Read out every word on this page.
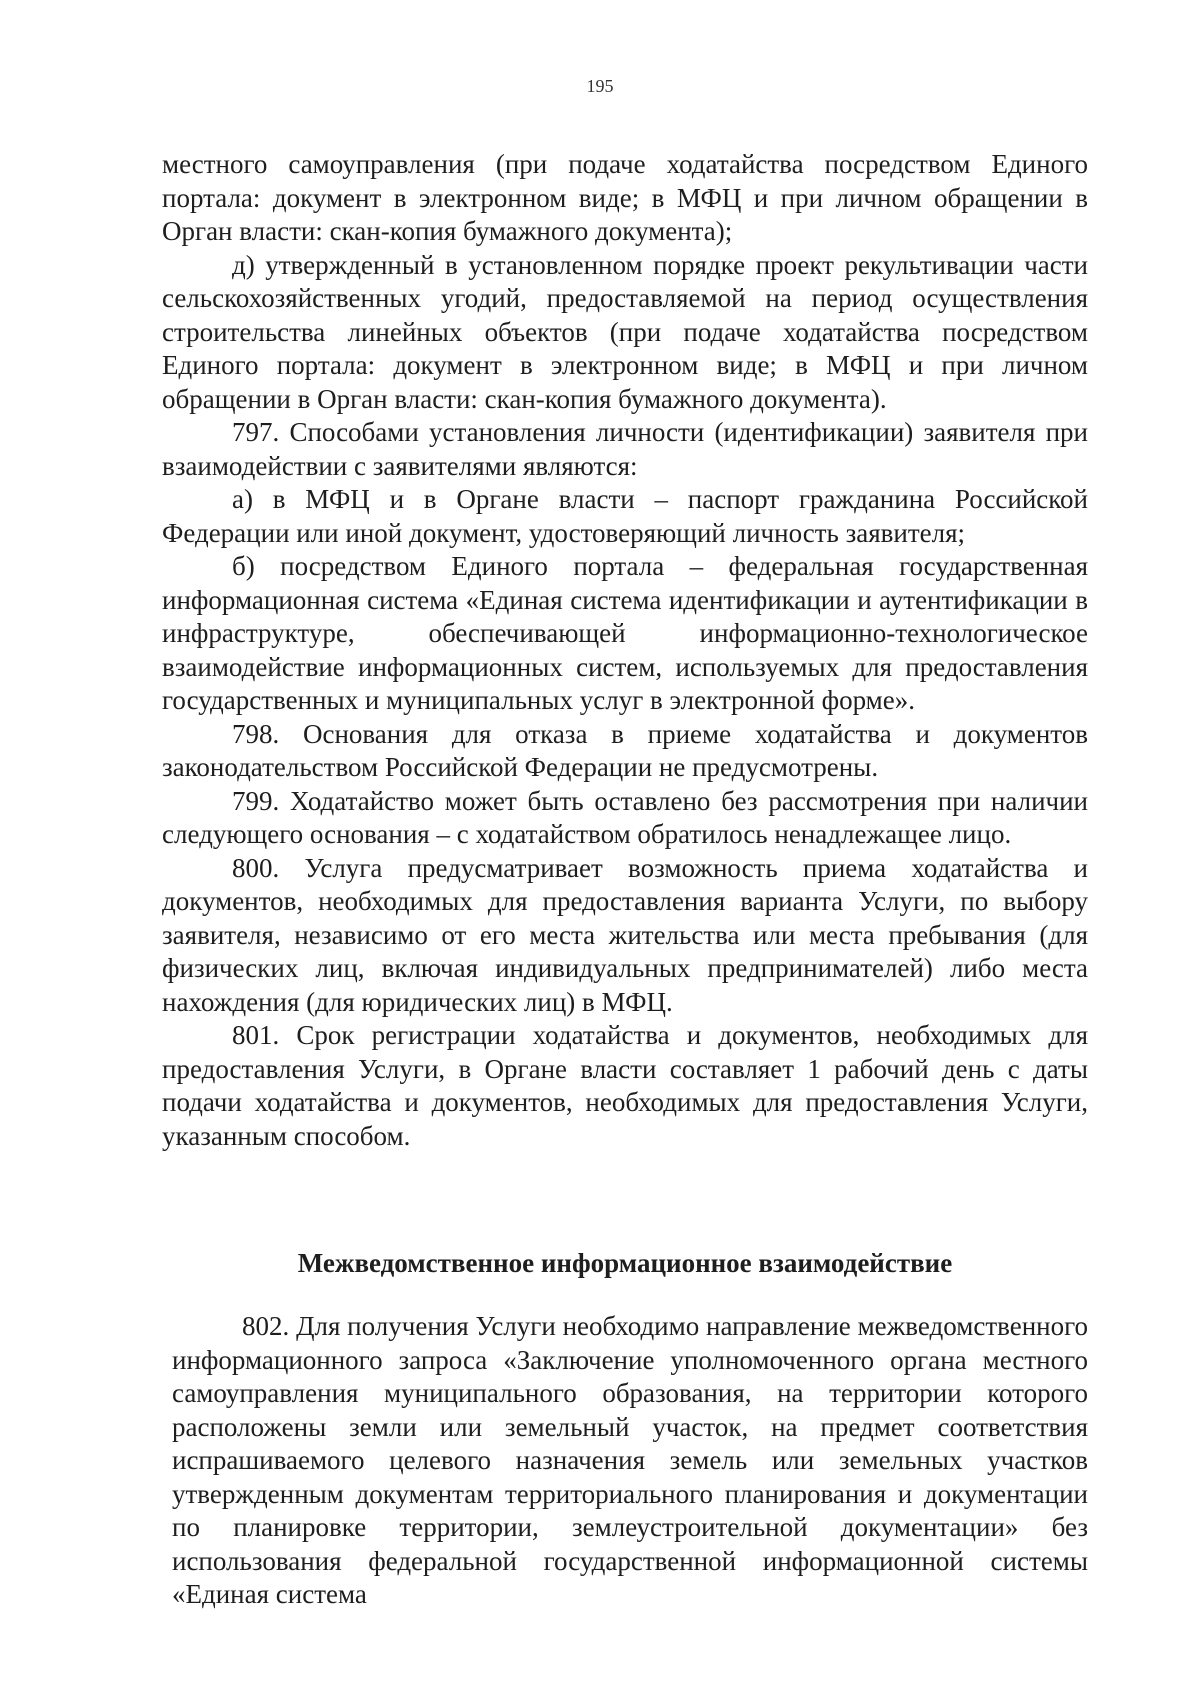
195

местного самоуправления (при подаче ходатайства посредством Единого портала: документ в электронном виде; в МФЦ и при личном обращении в Орган власти: скан-копия бумажного документа);

д) утвержденный в установленном порядке проект рекультивации части сельскохозяйственных угодий, предоставляемой на период осуществления строительства линейных объектов (при подаче ходатайства посредством Единого портала: документ в электронном виде; в МФЦ и при личном обращении в Орган власти: скан-копия бумажного документа).

797. Способами установления личности (идентификации) заявителя при взаимодействии с заявителями являются:

а) в МФЦ и в Органе власти – паспорт гражданина Российской Федерации или иной документ, удостоверяющий личность заявителя;

б) посредством Единого портала – федеральная государственная информационная система «Единая система идентификации и аутентификации в инфраструктуре, обеспечивающей информационно-технологическое взаимодействие информационных систем, используемых для предоставления государственных и муниципальных услуг в электронной форме».

798. Основания для отказа в приеме ходатайства и документов законодательством Российской Федерации не предусмотрены.

799. Ходатайство может быть оставлено без рассмотрения при наличии следующего основания – с ходатайством обратилось ненадлежащее лицо.

800. Услуга предусматривает возможность приема ходатайства и документов, необходимых для предоставления варианта Услуги, по выбору заявителя, независимо от его места жительства или места пребывания (для физических лиц, включая индивидуальных предпринимателей) либо места нахождения (для юридических лиц) в МФЦ.

801. Срок регистрации ходатайства и документов, необходимых для предоставления Услуги, в Органе власти составляет 1 рабочий день с даты подачи ходатайства и документов, необходимых для предоставления Услуги, указанным способом.

Межведомственное информационное взаимодействие

802. Для получения Услуги необходимо направление межведомственного информационного запроса «Заключение уполномоченного органа местного самоуправления муниципального образования, на территории которого расположены земли или земельный участок, на предмет соответствия испрашиваемого целевого назначения земель или земельных участков утвержденным документам территориального планирования и документации по планировке территории, землеустроительной документации» без использования федеральной государственной информационной системы «Единая система
